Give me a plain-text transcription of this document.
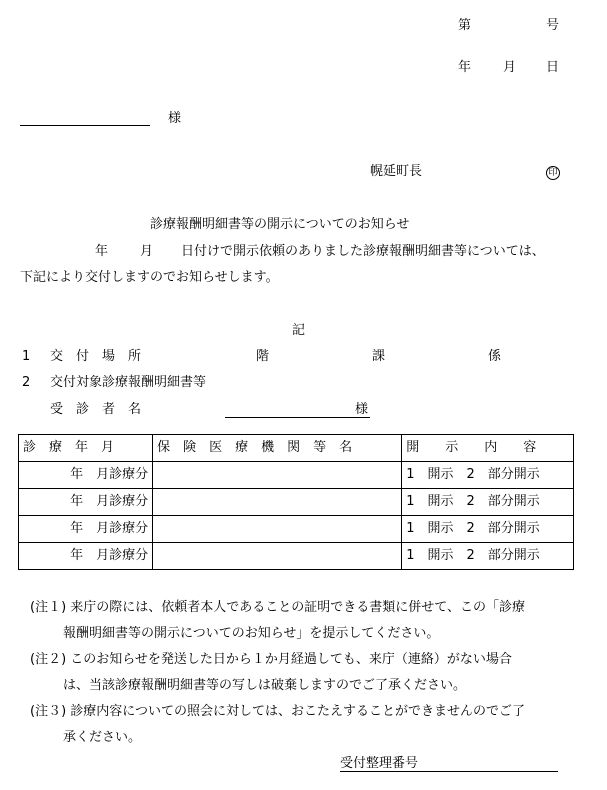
第	号
年 月 日
様
幌延町長	印
診療報酬明細書等の開示についてのお知らせ
年 月 日付けで開示依頼のありました診療報酬明細書等については、
下記により交付しますのでお知らせします。
記
1 交　付　場　所	階	課	係
2 交付対象診療報酬明細書等
受　診　者　名	様
診　療　年　月	保　険　医　療　機　関　等　名	開　　示　　内　　容
年　月診療分		1　開示　2　部分開示
年　月診療分		1　開示　2　部分開示
年　月診療分		1　開示　2　部分開示
年　月診療分		1　開示　2　部分開示
(注１) 来庁の際には、依頼者本人であることの証明できる書類に併せて、この「診療
報酬明細書等の開示についてのお知らせ」を提示してください。
(注２) このお知らせを発送した日から１か月経過しても、来庁（連絡）がない場合
は、当該診療報酬明細書等の写しは破棄しますのでご了承ください。
(注３) 診療内容についての照会に対しては、おこたえすることができませんのでご了
承ください。
受付整理番号
